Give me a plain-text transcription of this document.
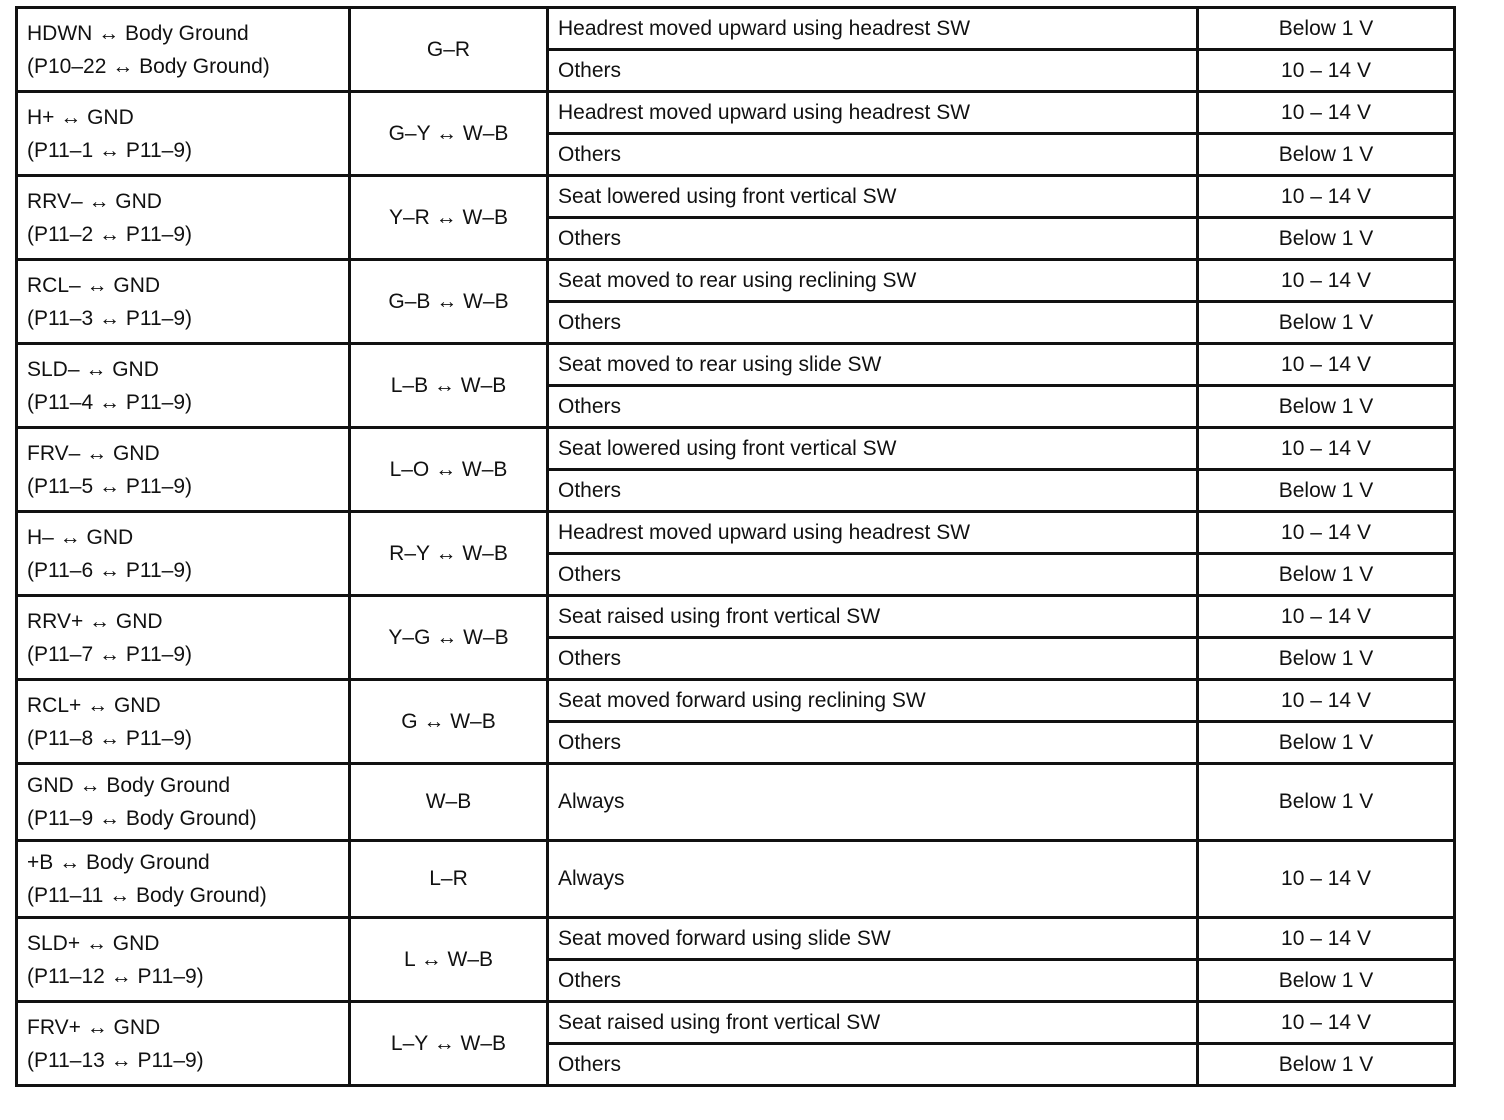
HDWN ↔ Body Ground
(P10–22 ↔ Body Ground)	G–R	Headrest moved upward using headrest SW	Below 1 V
		Others	10 – 14 V

H+ ↔ GND
(P11–1 ↔ P11–9)	G–Y ↔ W–B	Headrest moved upward using headrest SW	10 – 14 V
		Others	Below 1 V

RRV– ↔ GND
(P11–2 ↔ P11–9)	Y–R ↔ W–B	Seat lowered using front vertical SW	10 – 14 V
		Others	Below 1 V

RCL– ↔ GND
(P11–3 ↔ P11–9)	G–B ↔ W–B	Seat moved to rear using reclining SW	10 – 14 V
		Others	Below 1 V

SLD– ↔ GND
(P11–4 ↔ P11–9)	L–B ↔ W–B	Seat moved to rear using slide SW	10 – 14 V
		Others	Below 1 V

FRV– ↔ GND
(P11–5 ↔ P11–9)	L–O ↔ W–B	Seat lowered using front vertical SW	10 – 14 V
		Others	Below 1 V

H– ↔ GND
(P11–6 ↔ P11–9)	R–Y ↔ W–B	Headrest moved upward using headrest SW	10 – 14 V
		Others	Below 1 V

RRV+ ↔ GND
(P11–7 ↔ P11–9)	Y–G ↔ W–B	Seat raised using front vertical SW	10 – 14 V
		Others	Below 1 V

RCL+ ↔ GND
(P11–8 ↔ P11–9)	G ↔ W–B	Seat moved forward using reclining SW	10 – 14 V
		Others	Below 1 V

GND ↔ Body Ground
(P11–9 ↔ Body Ground)	W–B	Always	Below 1 V

+B ↔ Body Ground
(P11–11 ↔ Body Ground)	L–R	Always	10 – 14 V

SLD+ ↔ GND
(P11–12 ↔ P11–9)	L ↔ W–B	Seat moved forward using slide SW	10 – 14 V
		Others	Below 1 V

FRV+ ↔ GND
(P11–13 ↔ P11–9)	L–Y ↔ W–B	Seat raised using front vertical SW	10 – 14 V
		Others	Below 1 V
